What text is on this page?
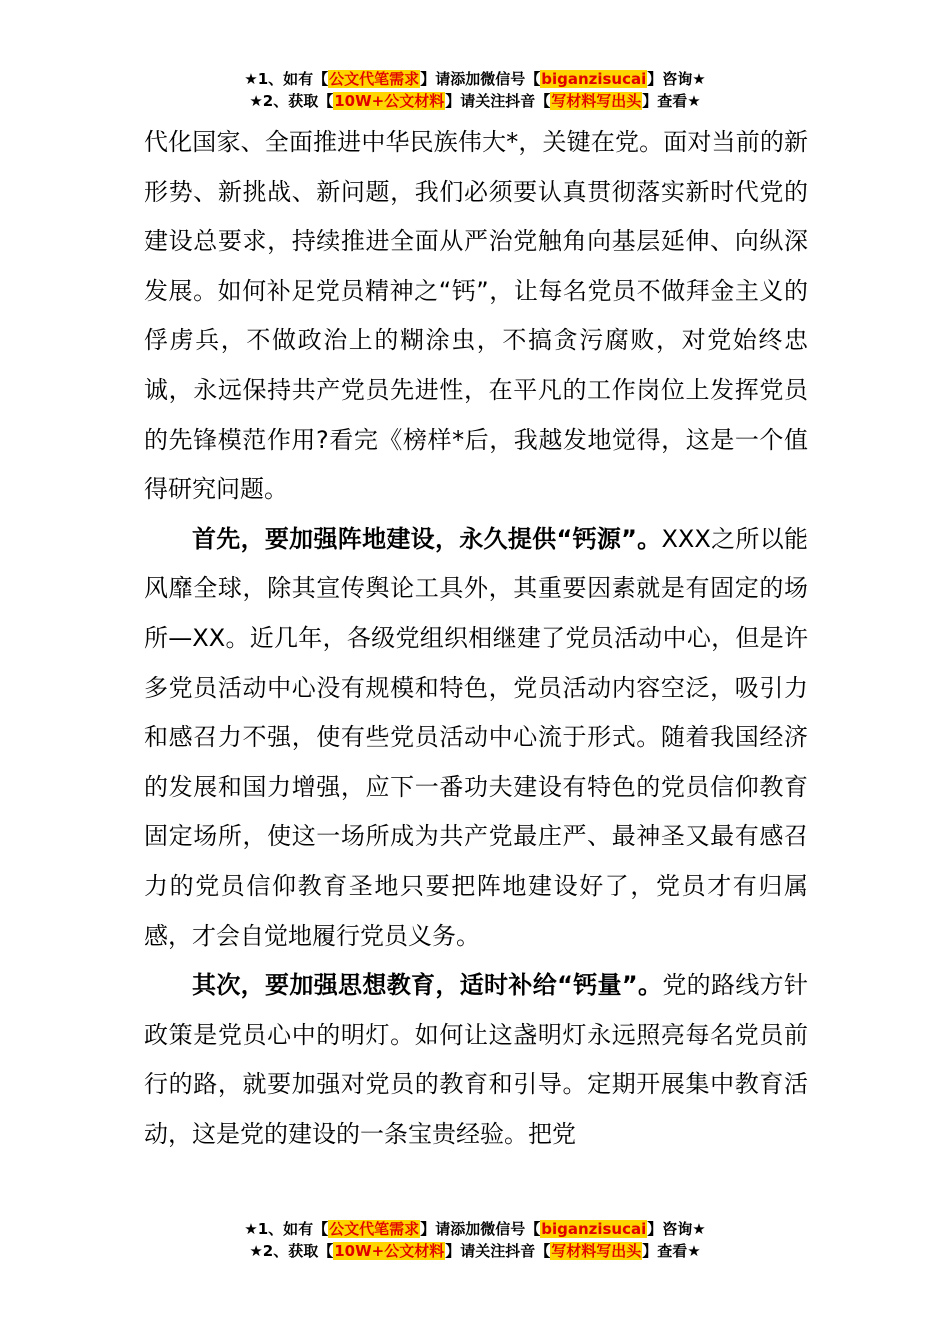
★1、如有【公文代笔需求】请添加微信号【biganzisucai】咨询★
★2、获取【10W+公文材料】请关注抖音【写材料写出头】查看★

代化国家、全面推进中华民族伟大*，关键在党。面对当前的新形势、新挑战、新问题，我们必须要认真贯彻落实新时代党的建设总要求，持续推进全面从严治党触角向基层延伸、向纵深发展。如何补足党员精神之“钙”，让每名党员不做拜金主义的俘虏兵，不做政治上的糊涂虫，不搞贪污腐败，对党始终忠诚，永远保持共产党员先进性，在平凡的工作岗位上发挥党员的先锋模范作用?看完《榜样*后，我越发地觉得，这是一个值得研究问题。

首先，要加强阵地建设，永久提供“钙源”。XXX之所以能风靡全球，除其宣传舆论工具外，其重要因素就是有固定的场所—XX。近几年，各级党组织相继建了党员活动中心，但是许多党员活动中心没有规模和特色，党员活动内容空泛，吸引力和感召力不强，使有些党员活动中心流于形式。随着我国经济的发展和国力增强，应下一番功夫建设有特色的党员信仰教育固定场所，使这一场所成为共产党最庄严、最神圣又最有感召力的党员信仰教育圣地只要把阵地建设好了，党员才有归属感，才会自觉地履行党员义务。

其次，要加强思想教育，适时补给“钙量”。党的路线方针政策是党员心中的明灯。如何让这盏明灯永远照亮每名党员前行的路，就要加强对党员的教育和引导。定期开展集中教育活动，这是党的建设的一条宝贵经验。把党

★1、如有【公文代笔需求】请添加微信号【biganzisucai】咨询★
★2、获取【10W+公文材料】请关注抖音【写材料写出头】查看★
